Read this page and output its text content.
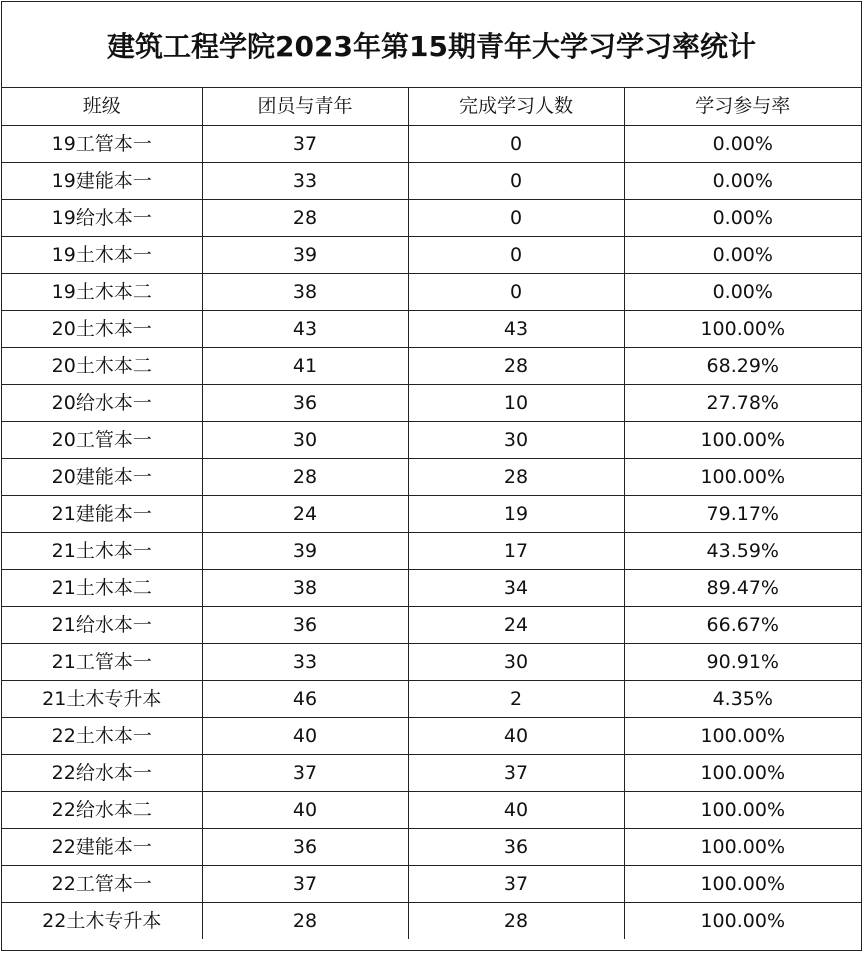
建筑工程学院2023年第15期青年大学习学习率统计
班级	团员与青年	完成学习人数	学习参与率
19工管本一	37	0	0.00%
19建能本一	33	0	0.00%
19给水本一	28	0	0.00%
19土木本一	39	0	0.00%
19土木本二	38	0	0.00%
20土木本一	43	43	100.00%
20土木本二	41	28	68.29%
20给水本一	36	10	27.78%
20工管本一	30	30	100.00%
20建能本一	28	28	100.00%
21建能本一	24	19	79.17%
21土木本一	39	17	43.59%
21土木本二	38	34	89.47%
21给水本一	36	24	66.67%
21工管本一	33	30	90.91%
21土木专升本	46	2	4.35%
22土木本一	40	40	100.00%
22给水本一	37	37	100.00%
22给水本二	40	40	100.00%
22建能本一	36	36	100.00%
22工管本一	37	37	100.00%
22土木专升本	28	28	100.00%
